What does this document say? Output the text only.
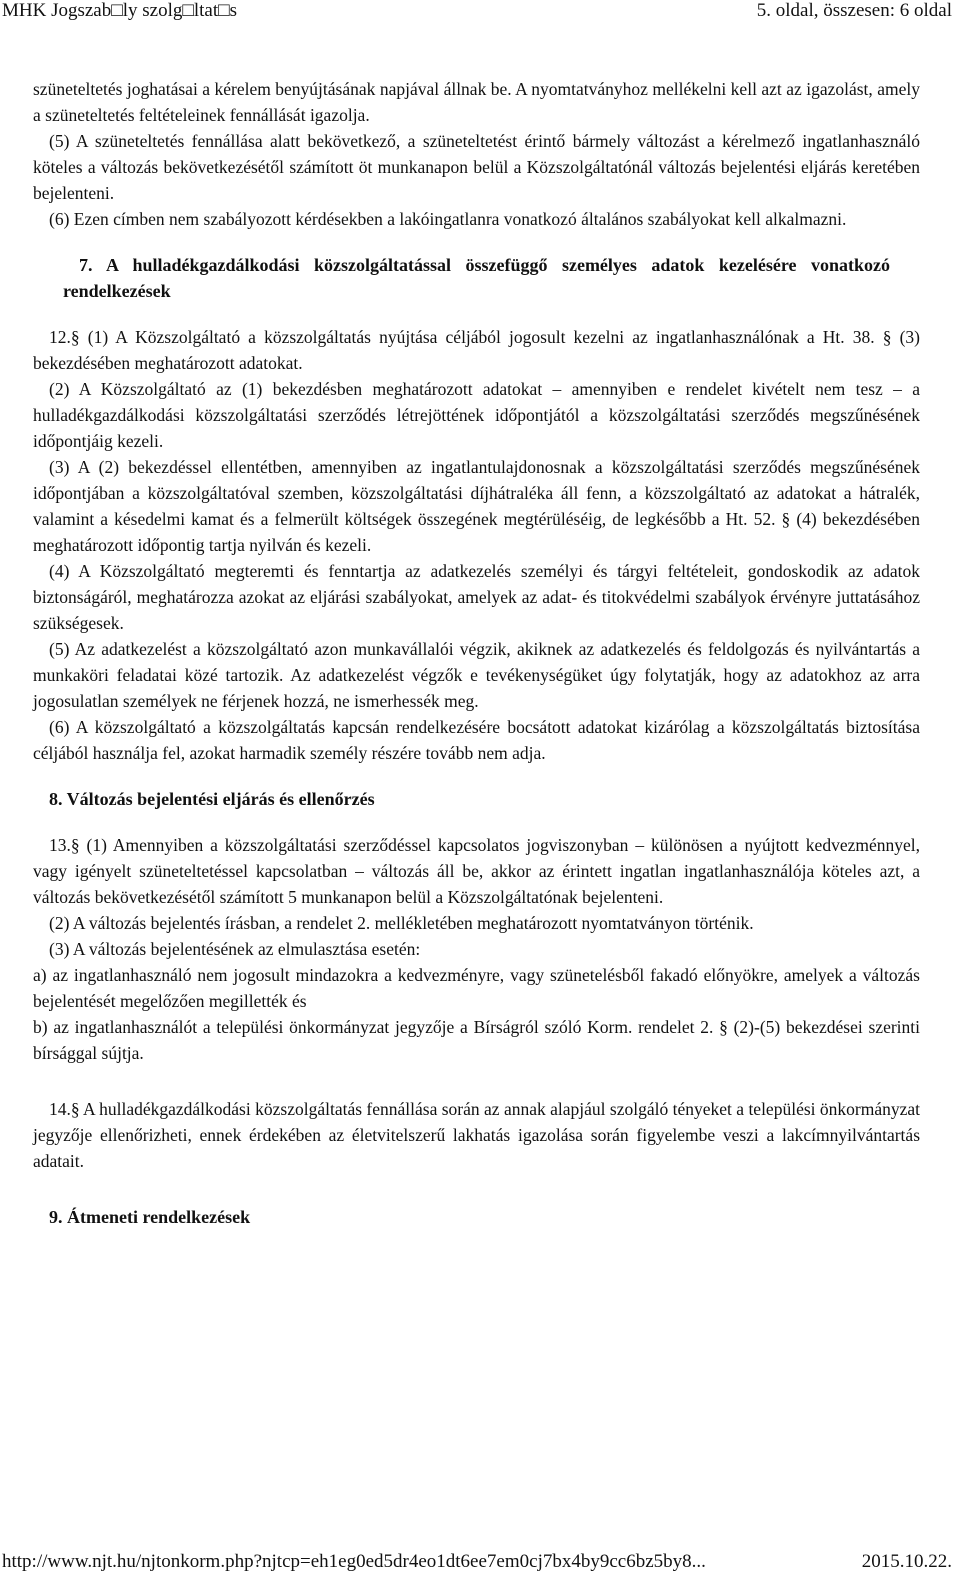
MHK Jogszab□ly szolg□ltat□s	5. oldal, összesen: 6 oldal

szüneteltetés joghatásai a kérelem benyújtásának napjával állnak be. A nyomtatványhoz mellékelni kell azt az igazolást, amely a szüneteltetés feltételeinek fennállását igazolja.

(5) A szüneteltetés fennállása alatt bekövetkező, a szüneteltetést érintő bármely változást a kérelmező ingatlanhasználó köteles a változás bekövetkezésétől számított öt munkanapon belül a Közszolgáltatónál változás bejelentési eljárás keretében bejelenteni.

(6) Ezen címben nem szabályozott kérdésekben a lakóingatlanra vonatkozó általános szabályokat kell alkalmazni.

7. A hulladékgazdálkodási közszolgáltatással összefüggő személyes adatok kezelésére vonatkozó rendelkezések

12.§ (1) A Közszolgáltató a közszolgáltatás nyújtása céljából jogosult kezelni az ingatlanhasználónak a Ht. 38. § (3) bekezdésében meghatározott adatokat.

(2) A Közszolgáltató az (1) bekezdésben meghatározott adatokat – amennyiben e rendelet kivételt nem tesz – a hulladékgazdálkodási közszolgáltatási szerződés létrejöttének időpontjától a közszolgáltatási szerződés megszűnésének időpontjáig kezeli.

(3) A (2) bekezdéssel ellentétben, amennyiben az ingatlantulajdonosnak a közszolgáltatási szerződés megszűnésének időpontjában a közszolgáltatóval szemben, közszolgáltatási díjhátraléka áll fenn, a közszolgáltató az adatokat a hátralék, valamint a késedelmi kamat és a felmerült költségek összegének megtérüléséig, de legkésőbb a Ht. 52. § (4) bekezdésében meghatározott időpontig tartja nyilván és kezeli.

(4) A Közszolgáltató megteremti és fenntartja az adatkezelés személyi és tárgyi feltételeit, gondoskodik az adatok biztonságáról, meghatározza azokat az eljárási szabályokat, amelyek az adat- és titokvédelmi szabályok érvényre juttatásához szükségesek.

(5) Az adatkezelést a közszolgáltató azon munkavállalói végzik, akiknek az adatkezelés és feldolgozás és nyilvántartás a munkaköri feladatai közé tartozik. Az adatkezelést végzők e tevékenységüket úgy folytatják, hogy az adatokhoz az arra jogosulatlan személyek ne férjenek hozzá, ne ismerhessék meg.

(6) A közszolgáltató a közszolgáltatás kapcsán rendelkezésére bocsátott adatokat kizárólag a közszolgáltatás biztosítása céljából használja fel, azokat harmadik személy részére tovább nem adja.

8. Változás bejelentési eljárás és ellenőrzés

13.§ (1) Amennyiben a közszolgáltatási szerződéssel kapcsolatos jogviszonyban – különösen a nyújtott kedvezménnyel, vagy igényelt szüneteltetéssel kapcsolatban – változás áll be, akkor az érintett ingatlan ingatlanhasználója köteles azt, a változás bekövetkezésétől számított 5 munkanapon belül a Közszolgáltatónak bejelenteni.

(2) A változás bejelentés írásban, a rendelet 2. mellékletében meghatározott nyomtatványon történik.

(3) A változás bejelentésének az elmulasztása esetén:

a) az ingatlanhasználó nem jogosult mindazokra a kedvezményre, vagy szünetelésből fakadó előnyökre, amelyek a változás bejelentését megelőzően megillették és

b) az ingatlanhasználót a települési önkormányzat jegyzője a Bírságról szóló Korm. rendelet 2. § (2)-(5) bekezdései szerinti bírsággal sújtja.

14.§ A hulladékgazdálkodási közszolgáltatás fennállása során az annak alapjául szolgáló tényeket a települési önkormányzat jegyzője ellenőrizheti, ennek érdekében az életvitelszerű lakhatás igazolása során figyelembe veszi a lakcímnyilvántartás adatait.

9. Átmeneti rendelkezések

http://www.njt.hu/njtonkorm.php?njtcp=eh1eg0ed5dr4eo1dt6ee7em0cj7bx4by9cc6bz5by8...	2015.10.22.
